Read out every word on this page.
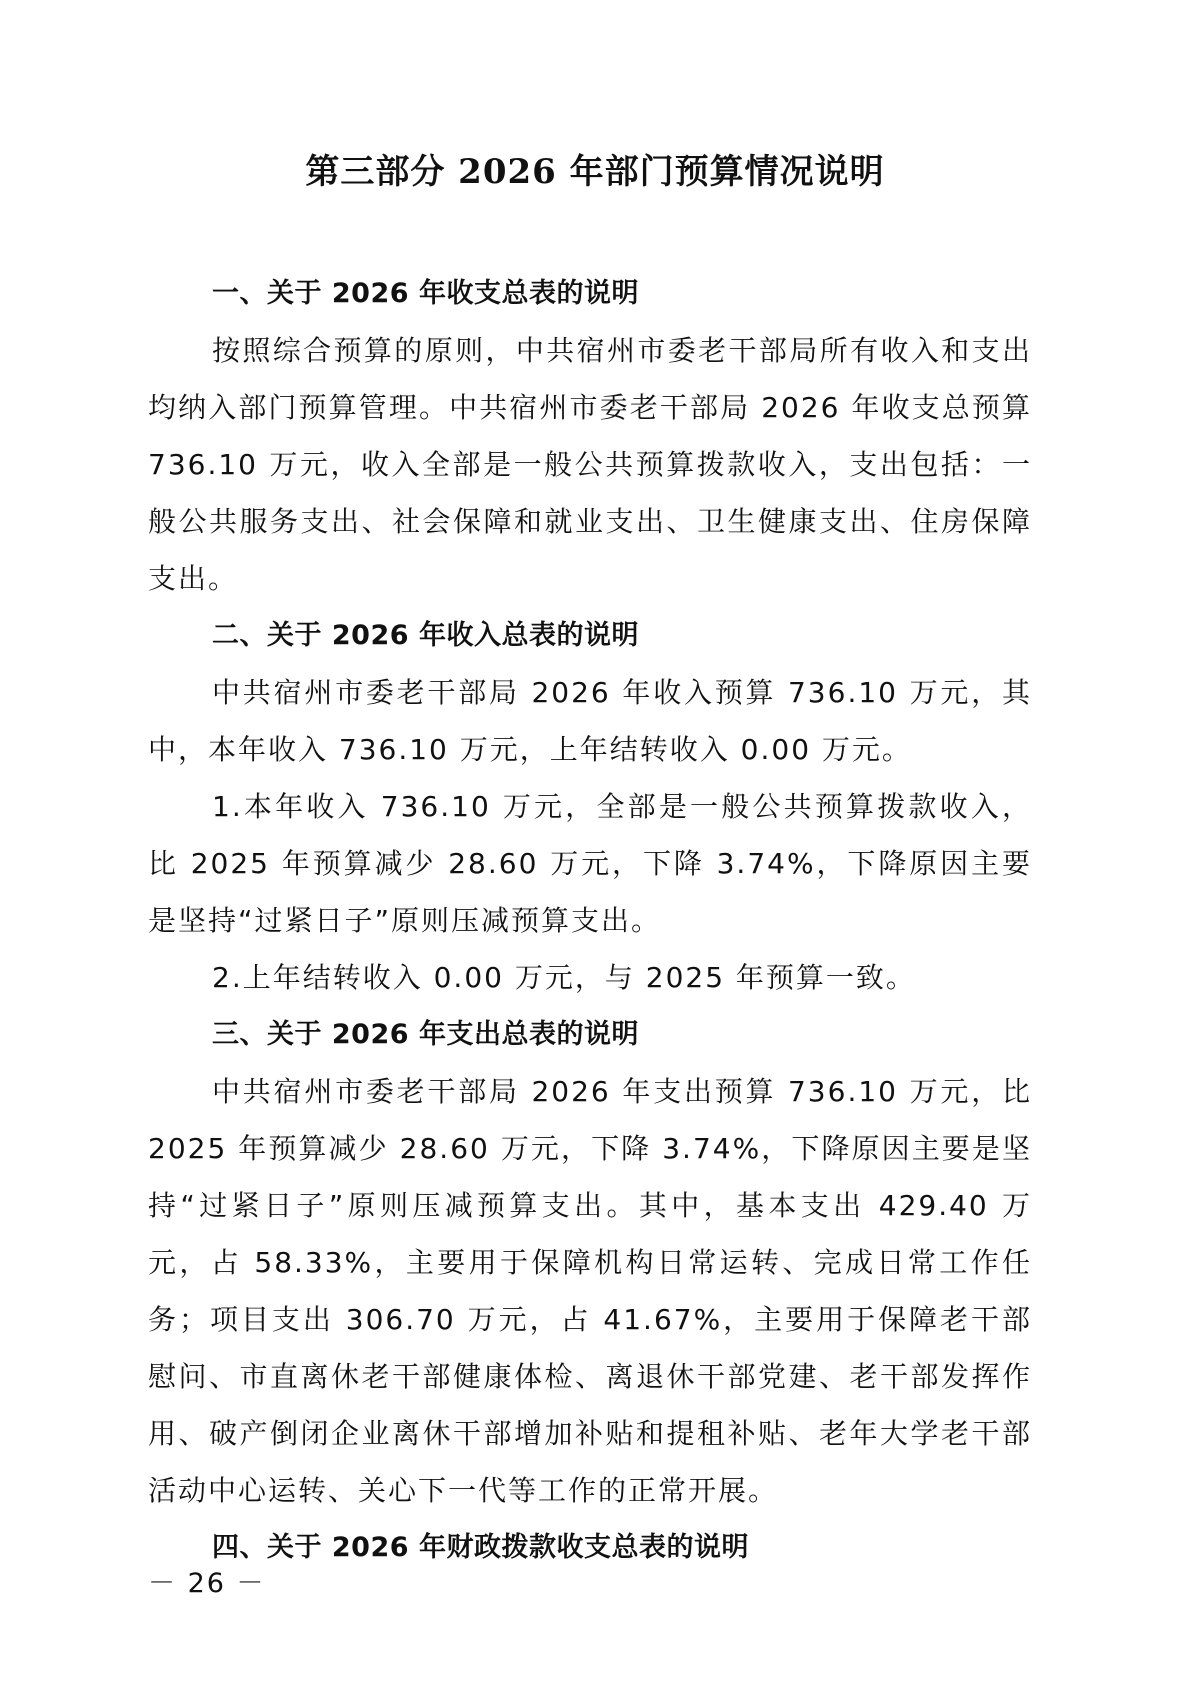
第三部分 2026 年部门预算情况说明
一、关于 2026 年收支总表的说明

按照综合预算的原则，中共宿州市委老干部局所有收入和支出均纳入部门预算管理。中共宿州市委老干部局 2026 年收支总预算 736.10 万元，收入全部是一般公共预算拨款收入，支出包括：一般公共服务支出、社会保障和就业支出、卫生健康支出、住房保障支出。

二、关于 2026 年收入总表的说明

中共宿州市委老干部局 2026 年收入预算 736.10 万元，其中，本年收入 736.10 万元，上年结转收入 0.00 万元。

1.本年收入 736.10 万元，全部是一般公共预算拨款收入，比 2025 年预算减少 28.60 万元，下降 3.74%，下降原因主要是坚持“过紧日子”原则压减预算支出。

2.上年结转收入 0.00 万元，与 2025 年预算一致。

三、关于 2026 年支出总表的说明

中共宿州市委老干部局 2026 年支出预算 736.10 万元，比 2025 年预算减少 28.60 万元，下降 3.74%，下降原因主要是坚持“过紧日子”原则压减预算支出。其中，基本支出 429.40 万元，占 58.33%，主要用于保障机构日常运转、完成日常工作任务；项目支出 306.70 万元，占 41.67%，主要用于保障老干部慰问、市直离休老干部健康体检、离退休干部党建、老干部发挥作用、破产倒闭企业离休干部增加补贴和提租补贴、老年大学老干部活动中心运转、关心下一代等工作的正常开展。

四、关于 2026 年财政拨款收支总表的说明
－ 26 －
